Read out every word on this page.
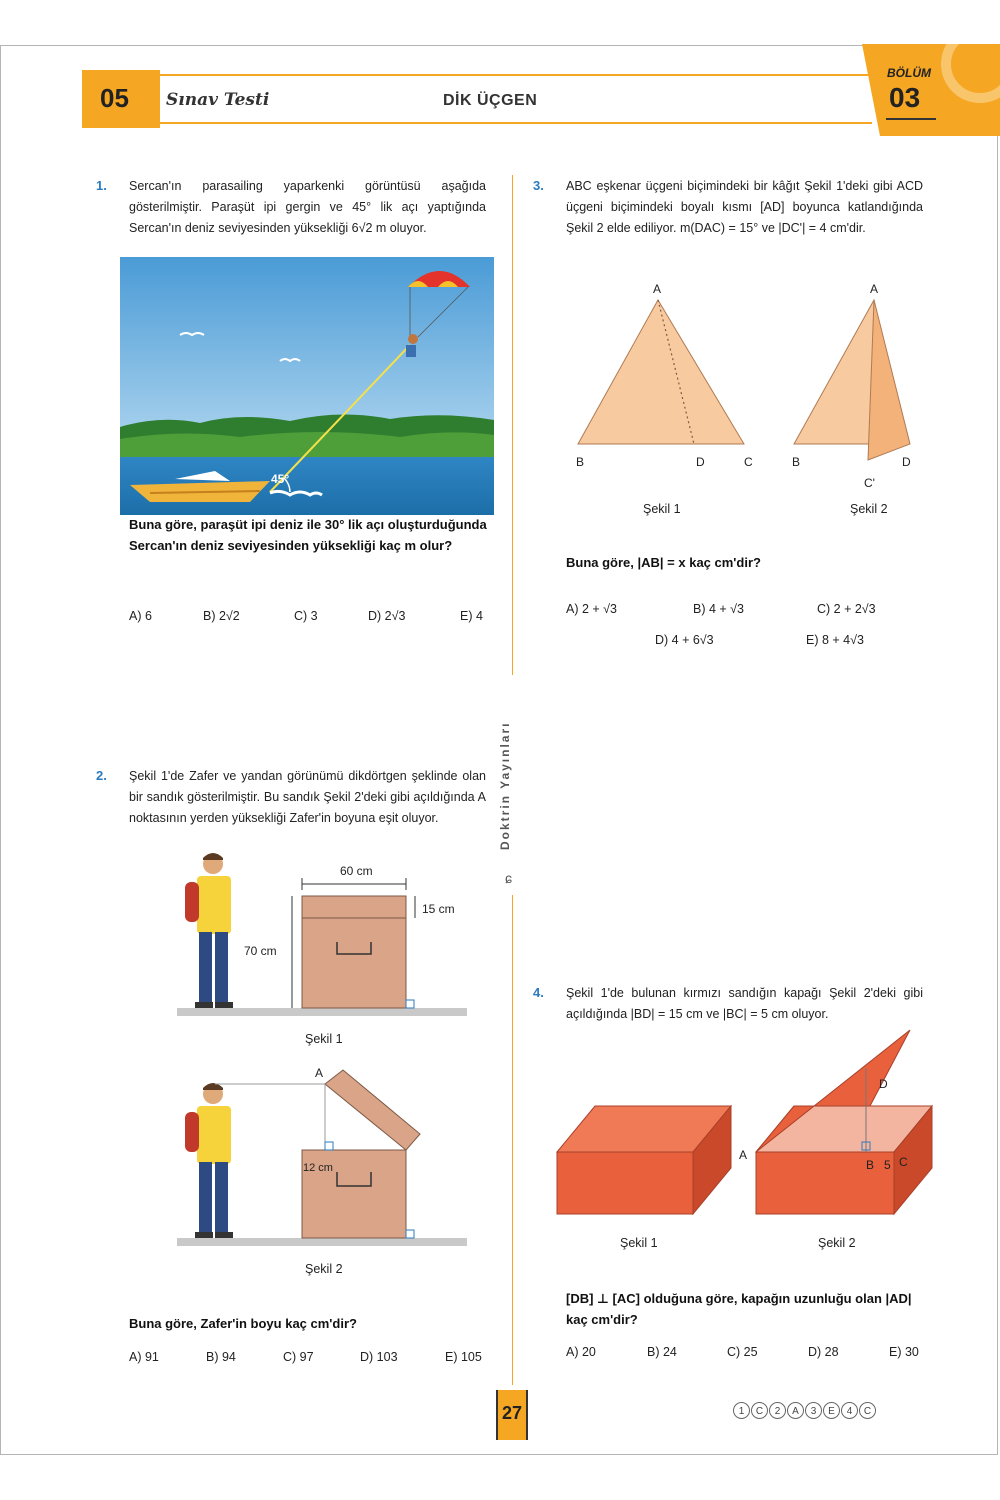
05 Sınav Testi	DİK ÜÇGEN
BÖLÜM
03
Doktrin Yayınları
ɕ
1. Sercan'ın parasailing yaparkenki görüntüsü aşağıda gösterilmiştir. Paraşüt ipi gergin ve 45° lik açı yaptığında Sercan'ın deniz seviyesinden yüksekliği 6√2 m oluyor.
45°
Buna göre, paraşüt ipi deniz ile 30° lik açı oluşturduğunda Sercan'ın deniz seviyesinden yüksekliği kaç m olur?
A) 6	B) 2√2	C) 3	D) 2√3	E) 4
2. Şekil 1'de Zafer ve yandan görünümü dikdörtgen şeklinde olan bir sandık gösterilmiştir. Bu sandık Şekil 2'deki gibi açıldığında A noktasının yerden yüksekliği Zafer'in boyuna eşit oluyor.
60 cm
15 cm
70 cm
Şekil 1
A
12 cm
Şekil 2
Buna göre, Zafer'in boyu kaç cm'dir?
A) 91	B) 94	C) 97	D) 103	E) 105
3. ABC eşkenar üçgeni biçimindeki bir kâğıt Şekil 1'deki gibi ACD üçgeni biçimindeki boyalı kısmı [AD] boyunca katlandığında Şekil 2 elde ediliyor. m(DAC) = 15° ve |DC'| = 4 cm'dir.
A
B	D	C
Şekil 1
A
B	D
C'
Şekil 2
Buna göre, |AB| = x kaç cm'dir?
A) 2 + √3	B) 4 + √3	C) 2 + 2√3
D) 4 + 6√3	E) 8 + 4√3
4. Şekil 1'de bulunan kırmızı sandığın kapağı Şekil 2'deki gibi açıldığında |BD| = 15 cm ve |BC| = 5 cm oluyor.
Şekil 1
A
D
B 5 C
Şekil 2
[DB] ⊥ [AC] olduğuna göre, kapağın uzunluğu olan |AD| kaç cm'dir?
A) 20	B) 24	C) 25	D) 28	E) 30
27	1	C	2	A	3	E	4	C
